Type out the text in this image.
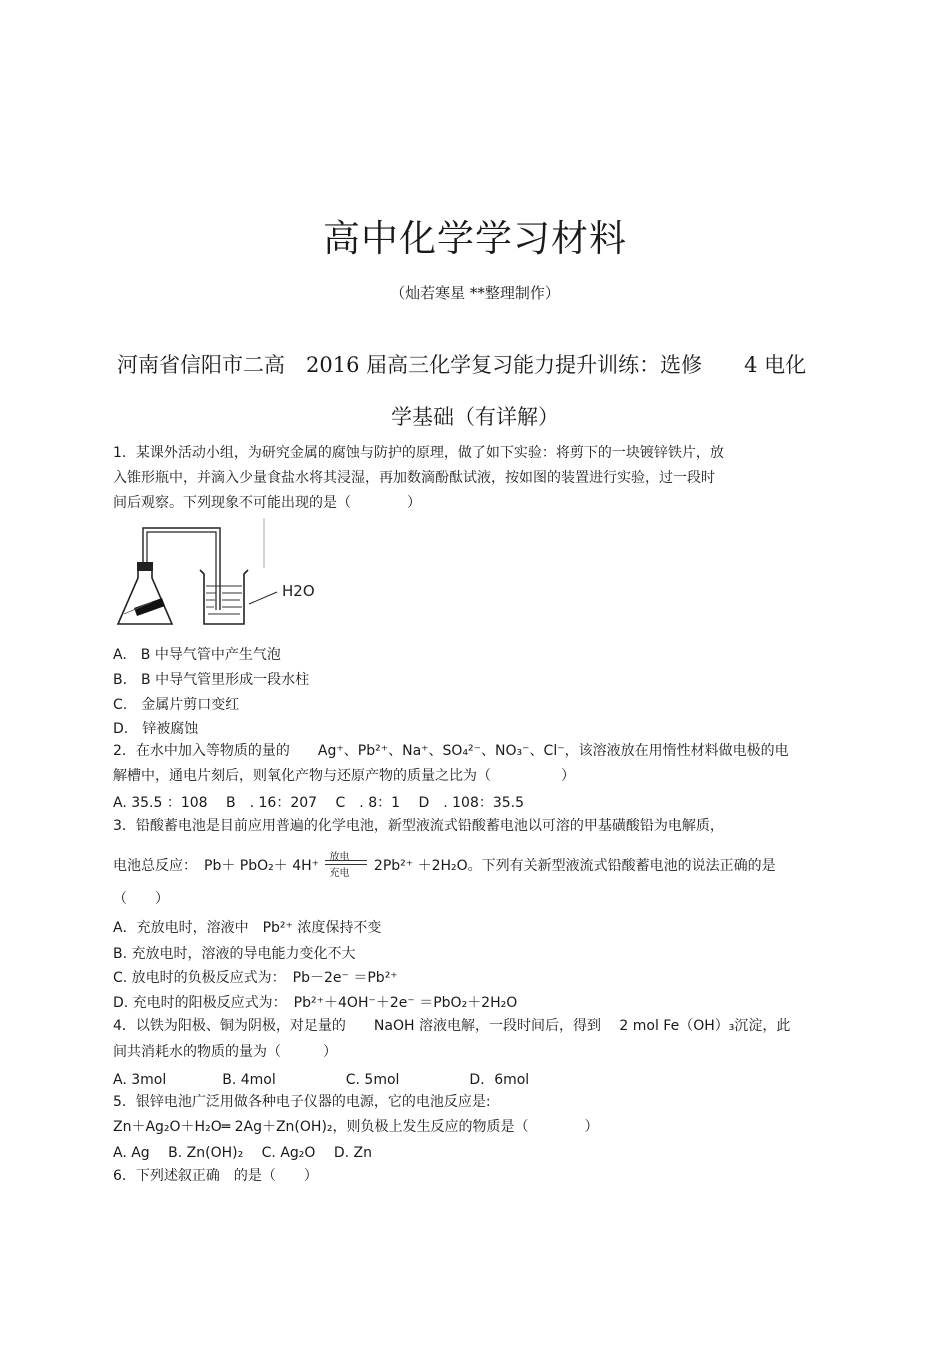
高中化学学习材料
（灿若寒星 **整理制作）
河南省信阳市二高　2016 届高三化学复习能力提升训练：选修　　4 电化
学基础（有详解）
1．某课外活动小组，为研究金属的腐蚀与防护的原理，做了如下实验：将剪下的一块镀锌铁片，放
入锥形瓶中，并滴入少量食盐水将其浸湿，再加数滴酚酞试液，按如图的装置进行实验，过一段时
间后观察。下列现象不可能出现的是（　　　　）
H2O
A.　B 中导气管中产生气泡
B.　B 中导气管里形成一段水柱
C.　金属片剪口变红
D.　锌被腐蚀
2．在水中加入等物质的量的　　Ag⁺、Pb²⁺、Na⁺、SO₄²⁻、NO₃⁻、Cl⁻，该溶液放在用惰性材料做电极的电
解槽中，通电片刻后，则氧化产物与还原产物的质量之比为（　　　　　）
A. 35.5 ：108　 B　. 16：207　 C　. 8：1　 D　. 108：35.5
3．铅酸蓄电池是目前应用普遍的化学电池，新型液流式铅酸蓄电池以可溶的甲基磺酸铅为电解质，
电池总反应：　Pb＋ PbO₂＋ 4H⁺
放电
充电 2Pb²⁺ ＋2H₂O。下列有关新型液流式铅酸蓄电池的说法正确的是
（　　）
A．充放电时，溶液中　Pb²⁺ 浓度保持不变
B. 充放电时，溶液的导电能力变化不大
C. 放电时的负极反应式为：　Pb－2e⁻ ＝Pb²⁺
D. 充电时的阳极反应式为：　Pb²⁺＋4OH⁻＋2e⁻ ＝PbO₂＋2H₂O
4．以铁为阳极、铜为阴极，对足量的　　NaOH 溶液电解，一段时间后，得到　 2 mol Fe（OH）₃沉淀，此
间共消耗水的物质的量为（　　　）
A. 3mol　　　　B. 4mol　　　　　C. 5mol　　　　　D．6mol
5．银锌电池广泛用做各种电子仪器的电源，它的电池反应是:
Zn＋Ag₂O＋H₂O═ 2Ag＋Zn(OH)₂，则负极上发生反应的物质是（　　　　）
A. Ag　 B. Zn(OH)₂　 C. Ag₂O　 D. Zn
6．下列述叙正确　的是（　　）
